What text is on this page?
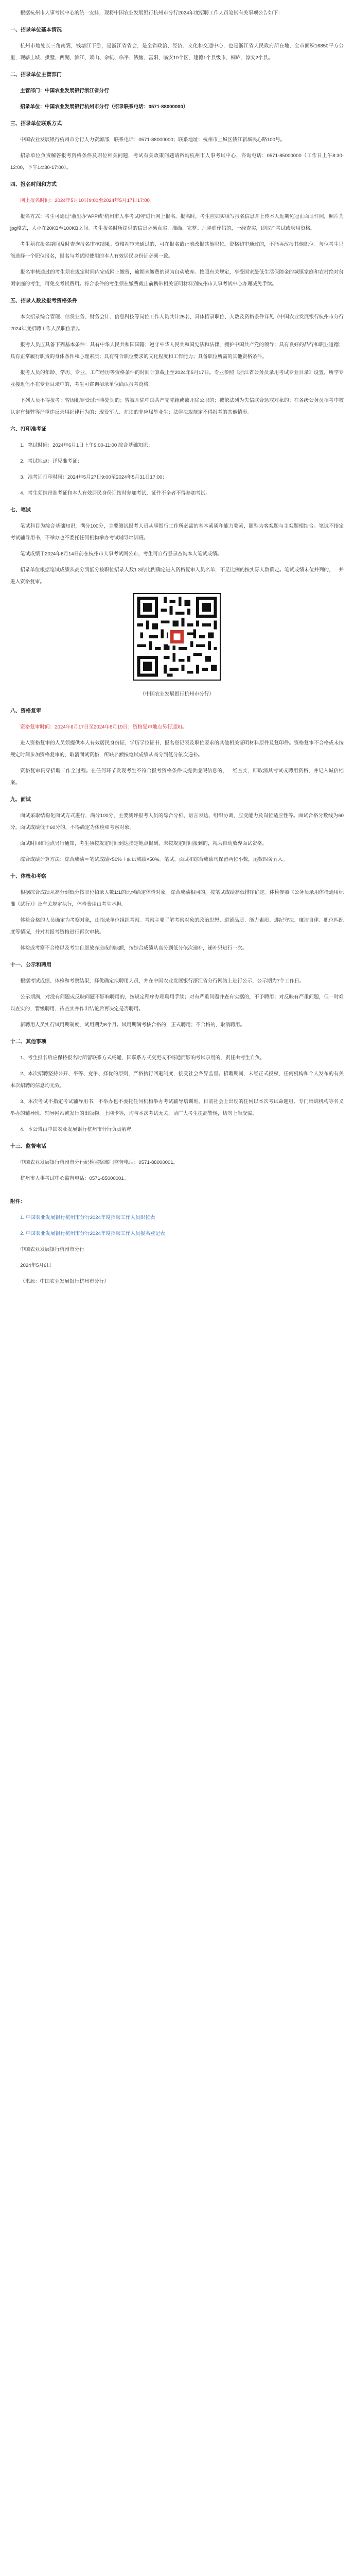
根据杭州市人事考试中心的统一安排，现将中国农业发展银行杭州市分行2024年度招聘工作人员笔试有关事项公告如下：

一、招录单位基本情况

杭州市地处长三角南翼，钱塘江下游，是浙江省省会，是全省政治、经济、文化和交通中心，也是浙江省人民政府所在地，全市面积16850平方公里，现辖上城、拱墅、西湖、滨江、萧山、余杭、临平、钱塘、富阳、临安10个区，建德1个县级市，桐庐、淳安2个县。

二、招录单位主管部门

主管部门：中国农业发展银行浙江省分行

招录单位：中国农业发展银行杭州市分行（招录联系电话：0571-88000000）

三、招录单位联系方式

中国农业发展银行杭州市分行人力资源部，联系电话：0571-88000000；联系地址：杭州市上城区钱江新城民心路100号。

招录单位负责解答报考资格条件及职位相关问题，考试有关政策问题请咨询杭州市人事考试中心，咨询电话：0571-85000000（工作日上午8:30-12:00，下午14:30-17:00）。

四、报名时间和方式

网上报名时间：2024年5月10日9:00至2024年5月17日17:00。

报名方式：考生可通过“浙里办”APP或“杭州市人事考试网”进行网上报名。报名时，考生应如实填写报名信息并上传本人近期免冠正面证件照，照片为jpg格式，大小在20KB至100KB之间。考生报名时所提供的信息必须真实、准确、完整。凡弄虚作假的，一经查实，即取消考试或聘用资格。

考生须在报名期间及时查询报名审核结果。资格初审未通过的，可在报名截止前改报其他职位。资格初审通过的，不能再改报其他职位。每位考生只能选择一个职位报名，报名与考试时使用的本人有效居民身份证必须一致。

报名审核通过的考生须在规定时间内完成网上缴费，逾期未缴费的视为自动放弃。按照有关规定，享受国家最低生活保障金的城镇家庭和农村绝对贫困家庭的考生，可免交考试费用。符合条件的考生须在缴费截止前携带相关证明材料到杭州市人事考试中心办理减免手续。

五、招录人数及报考资格条件

本次招录综合管理、信贷业务、财务会计、信息科技等岗位工作人员共计25名，具体招录职位、人数及资格条件详见《中国农业发展银行杭州市分行2024年度招聘工作人员职位表》。

报考人员应具备下列基本条件：具有中华人民共和国国籍；遵守中华人民共和国宪法和法律，拥护中国共产党的领导；具有良好的品行和职业道德；具有正常履行职责的身体条件和心理素质；具有符合职位要求的文化程度和工作能力；具备职位所需的其他资格条件。

报考人员的年龄、学历、专业、工作经历等资格条件的时间计算截止至2024年5月17日。专业参照《浙江省公务员录用考试专业目录》设置，所学专业接近但不在专业目录中的，考生可咨询招录单位确认报考资格。

下列人员不得报考：曾因犯罪受过刑事处罚的；曾被开除中国共产党党籍或被开除公职的；被依法列为失信联合惩戒对象的；在各级公务员招考中被认定有舞弊等严重违反录用纪律行为的；现役军人、在读的非应届毕业生；法律法规规定不得报考的其他情形。

六、打印准考证

1、笔试时间：2024年6月1日上午9:00-11:00 综合基础知识；

2、考试地点：详见准考证；

3、准考证打印时间：2024年5月27日9:00至2024年5月31日17:00；

4、考生须携带准考证和本人有效居民身份证按时参加考试，证件不全者不得参加考试。

七、笔试

笔试科目为综合基础知识，满分100分，主要测试报考人员从事银行工作所必需的基本素质和能力要素，题型为客观题与主观题相结合。笔试不指定考试辅导用书，不举办也不委托任何机构举办考试辅导培训班。

笔试成绩于2024年6月14日前在杭州市人事考试网公布，考生可自行登录查询本人笔试成绩。

招录单位根据笔试成绩从高分到低分按职位招录人数1:3的比例确定进入资格复审人员名单，不足比例的按实际人数确定。笔试成绩末位并列的，一并进入资格复审。

（中国农业发展银行杭州市分行）
八、资格复审

资格复审时间：2024年6月17日至2024年6月19日；资格复审地点另行通知。

进入资格复审的人员须提供本人有效居民身份证、学历学位证书、报名登记表及职位要求的其他相关证明材料原件及复印件。资格复审不合格或未按规定时间参加资格复审的，取消面试资格，所缺名额按笔试成绩从高分到低分依次递补。

资格复审贯穿招聘工作全过程。在任何环节发现考生不符合报考资格条件或提供虚假信息的，一经查实，即取消其考试或聘用资格，并记入诚信档案。

九、面试

面试采取结构化面试方式进行，满分100分，主要测评报考人员的综合分析、语言表达、组织协调、应变能力及岗位适应性等。面试合格分数线为60分，面试成绩低于60分的，不得确定为体检和考察对象。

面试时间和地点另行通知，考生须按规定时间到达指定地点报到，未按规定时间报到的，视为自动放弃面试资格。

综合成绩计算方法：综合成绩＝笔试成绩×50%＋面试成绩×50%。笔试、面试和综合成绩均保留两位小数，尾数四舍五入。

十、体检和考察

根据综合成绩从高分到低分按职位招录人数1:1的比例确定体检对象。综合成绩相同的，按笔试成绩高低排序确定。体检参照《公务员录用体检通用标准（试行）》及有关规定执行，体检费用由考生承担。

体检合格的人员确定为考察对象，由招录单位组织考察。考察主要了解考察对象的政治思想、道德品质、能力素质、遵纪守法、廉洁自律、职位匹配度等情况，并对其报考资格进行再次审核。

体检或考察不合格以及考生自愿放弃造成的缺额，按综合成绩从高分到低分依次递补，递补只进行一次。

十一、公示和聘用

根据考试成绩、体检和考察结果，择优确定拟聘用人员，并在中国农业发展银行浙江省分行网站上进行公示，公示期为7个工作日。

公示期满，对没有问题或反映问题不影响聘用的，按规定程序办理聘用手续；对有严重问题并查有实据的，不予聘用；对反映有严重问题，但一时难以查实的，暂缓聘用，待查实并作出结论后再决定是否聘用。

新聘用人员实行试用期制度，试用期为6个月。试用期满考核合格的，正式聘用；不合格的，取消聘用。

十二、其他事项

1、考生报名后应保持报名时所留联系方式畅通，因联系方式变更或不畅通而影响考试录用的，责任由考生自负。

2、本次招聘坚持公开、平等、竞争、择优的原则，严格执行回避制度，接受社会各界监督。招聘期间，未经正式授权，任何机构和个人发布的有关本次招聘的信息均无效。

3、本次考试不指定考试辅导用书，不举办也不委托任何机构举办考试辅导培训班。目前社会上出现的任何以本次考试命题组、专门培训机构等名义举办的辅导班、辅导网站或发行的出版物、上网卡等，均与本次考试无关，请广大考生提高警惕，切勿上当受骗。

4、本公告由中国农业发展银行杭州市分行负责解释。

十三、监督电话

中国农业发展银行杭州市分行纪检监察部门监督电话：0571-88000001。

杭州市人事考试中心监督电话：0571-85000001。

附件：

1. 中国农业发展银行杭州市分行2024年度招聘工作人员职位表

2. 中国农业发展银行杭州市分行2024年度招聘工作人员报名登记表

中国农业发展银行杭州市分行

2024年5月6日

（来源：中国农业发展银行杭州市分行）
